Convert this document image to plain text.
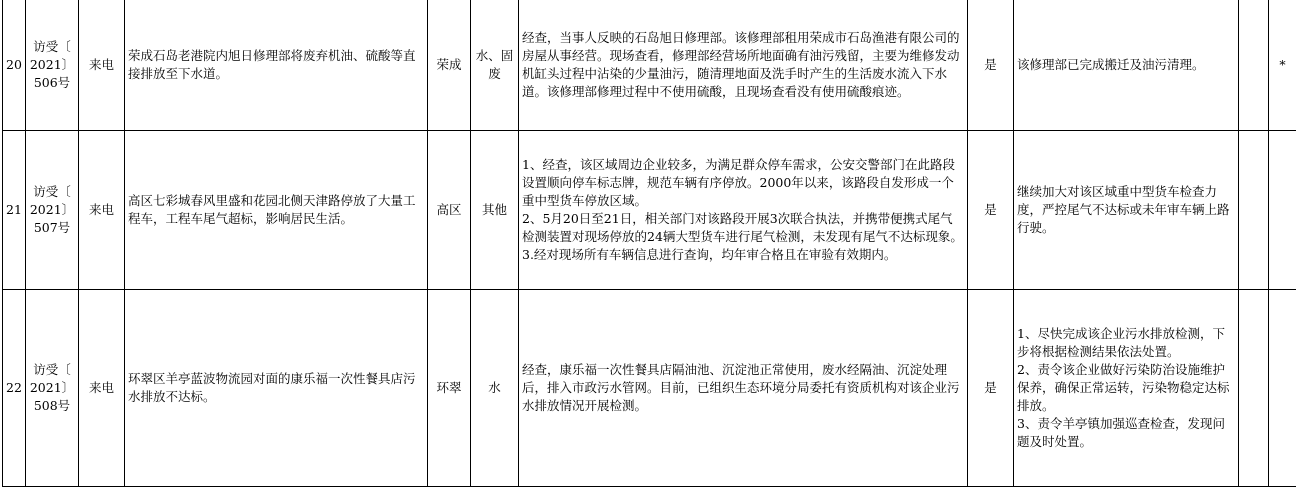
20	访受〔
2021〕
506号	来电	荣成石岛老港院内旭日修理部将废弃机油、硫酸等直接排放至下水道。	荣成	水、固
废	经查，当事人反映的石岛旭日修理部。该修理部租用荣成市石岛渔港有限公司的房屋从事经营。现场查看，修理部经营场所地面确有油污残留，主要为维修发动机缸头过程中沾染的少量油污，随清理地面及洗手时产生的生活废水流入下水道。该修理部修理过程中不使用硫酸，且现场查看没有使用硫酸痕迹。	是	该修理部已完成搬迁及油污清理。		*
21	访受〔
2021〕
507号	来电	高区七彩城春风里盛和花园北侧天津路停放了大量工程车，工程车尾气超标，影响居民生活。	高区	其他	1、经查，该区域周边企业较多，为满足群众停车需求，公安交警部门在此路段设置顺向停车标志牌，规范车辆有序停放。2000年以来，该路段自发形成一个重中型货车停放区域。
2、5月20日至21日，相关部门对该路段开展3次联合执法，并携带便携式尾气检测装置对现场停放的24辆大型货车进行尾气检测，未发现有尾气不达标现象。
3.经对现场所有车辆信息进行查询，均年审合格且在审验有效期内。	是	继续加大对该区域重中型货车检查力度，严控尾气不达标或未年审车辆上路行驶。		
22	访受〔
2021〕
508号	来电	环翠区羊亭蓝波物流园对面的康乐福一次性餐具店污水排放不达标。	环翠	水	经查，康乐福一次性餐具店隔油池、沉淀池正常使用，废水经隔油、沉淀处理后，排入市政污水管网。目前，已组织生态环境分局委托有资质机构对该企业污水排放情况开展检测。	是	1、尽快完成该企业污水排放检测，下步将根据检测结果依法处置。
2、责令该企业做好污染防治设施维护保养，确保正常运转，污染物稳定达标排放。
3、责令羊亭镇加强巡查检查，发现问题及时处置。		
